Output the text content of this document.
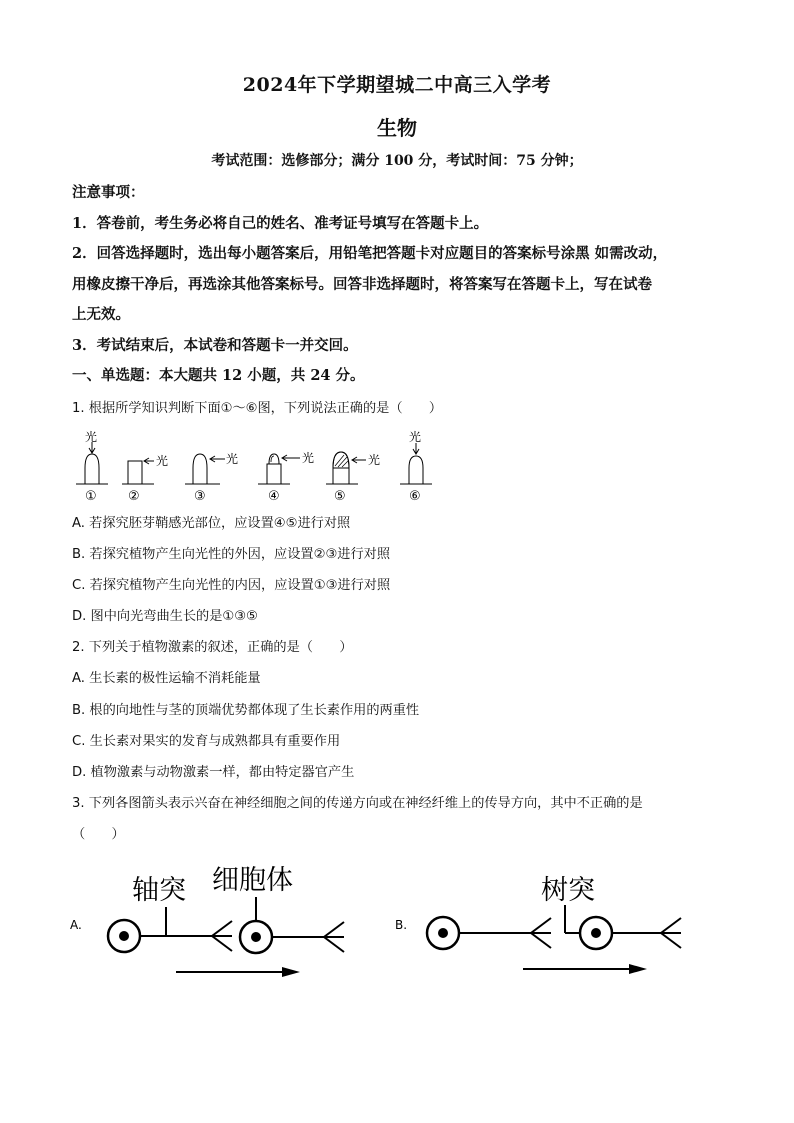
2024年下学期望城二中高三入学考
生物
考试范围：选修部分；满分 100 分，考试时间：75 分钟；
注意事项：
1．答卷前，考生务必将自己的姓名、准考证号填写在答题卡上。
2．回答选择题时，选出每小题答案后，用铅笔把答题卡对应题目的答案标号涂黑 如需改动，
用橡皮擦干净后，再选涂其他答案标号。回答非选择题时，将答案写在答题卡上，写在试卷
上无效。
3．考试结束后，本试卷和答题卡一并交回。
一、单选题：本大题共 12 小题，共 24 分。
1. 根据所学知识判断下面①～⑥图，下列说法正确的是（　　）
光
①
光
②
光
③
光
④
光
⑤
光
⑥
A. 若探究胚芽鞘感光部位，应设置④⑤进行对照
B. 若探究植物产生向光性的外因，应设置②③进行对照
C. 若探究植物产生向光性的内因，应设置①③进行对照
D. 图中向光弯曲生长的是①③⑤
2. 下列关于植物激素的叙述，正确的是（　　）
A. 生长素的极性运输不消耗能量
B. 根的向地性与茎的顶端优势都体现了生长素作用的两重性
C. 生长素对果实的发育与成熟都具有重要作用
D. 植物激素与动物激素一样，都由特定器官产生
3. 下列各图箭头表示兴奋在神经细胞之间的传递方向或在神经纤维上的传导方向，其中不正确的是
（　　）
A.
轴突 细胞体
B.
树突
